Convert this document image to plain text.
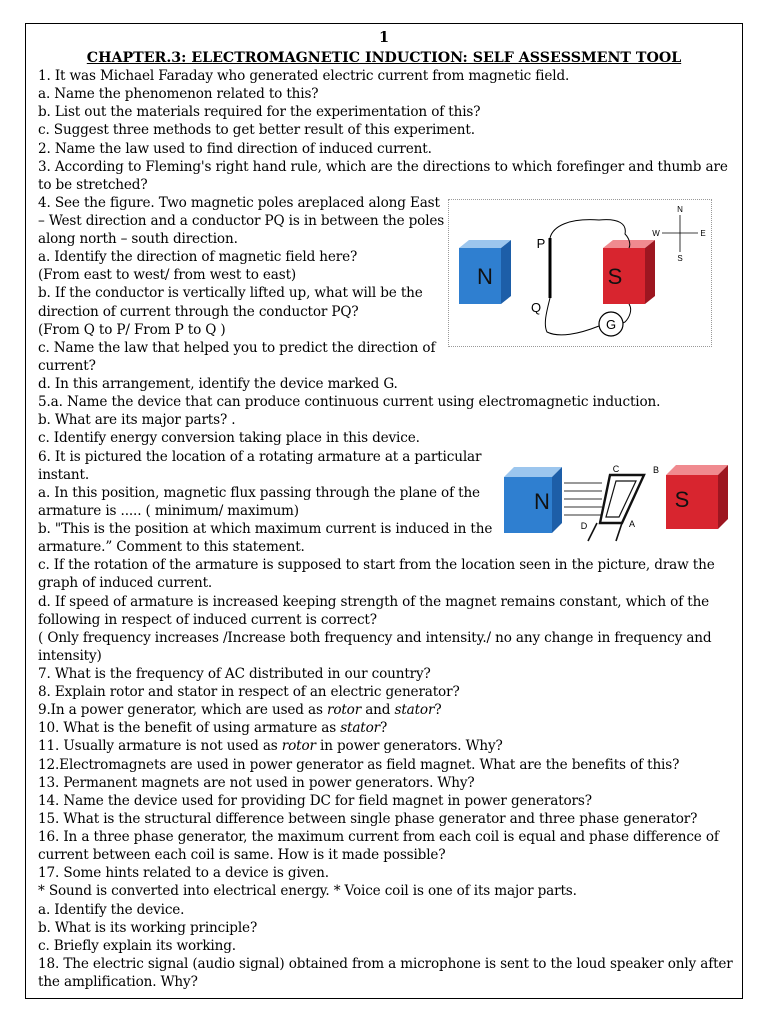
1
CHAPTER.3: ELECTROMAGNETIC INDUCTION: SELF ASSESSMENT TOOL
1. It was Michael Faraday who generated electric current from magnetic field.
a. Name the phenomenon related to this?
b. List out the materials required for the experimentation of this?
c. Suggest three methods to get better result of this experiment.
2. Name the law used to find direction of induced current.
3. According to Fleming's right hand rule, which are the directions to which forefinger and thumb are
to be stretched?
4. See the figure. Two magnetic poles areplaced along East
– West direction and a conductor PQ is in between the poles
along north – south direction.
a. Identify the direction of magnetic field here?
(From east to west/ from west to east)
b. If the conductor is vertically lifted up, what will be the
direction of current through the conductor PQ?
(From Q to P/ From P to Q )
c. Name the law that helped you to predict the direction of
current?
d. In this arrangement, identify the device marked G.
5.a. Name the device that can produce continuous current using electromagnetic induction.
b. What are its major parts? .
c. Identify energy conversion taking place in this device.
6. It is pictured the location of a rotating armature at a particular
instant.
a. In this position, magnetic flux passing through the plane of the
armature is ..... ( minimum/ maximum)
b. "This is the position at which maximum current is induced in the
armature.” Comment to this statement.
c. If the rotation of the armature is supposed to start from the location seen in the picture, draw the
graph of induced current.
d. If speed of armature is increased keeping strength of the magnet remains constant, which of the
following in respect of induced current is correct?
( Only frequency increases /Increase both frequency and intensity./ no any change in frequency and
intensity)
7. What is the frequency of AC distributed in our country?
8. Explain rotor and stator in respect of an electric generator?
9.In a power generator, which are used as rotor and stator?
10. What is the benefit of using armature as stator?
11. Usually armature is not used as rotor in power generators. Why?
12.Electromagnets are used in power generator as field magnet. What are the benefits of this?
13. Permanent magnets are not used in power generators. Why?
14. Name the device used for providing DC for field magnet in power generators?
15. What is the structural difference between single phase generator and three phase generator?
16. In a three phase generator, the maximum current from each coil is equal and phase difference of
current between each coil is same. How is it made possible?
17. Some hints related to a device is given.
* Sound is converted into electrical energy. * Voice coil is one of its major parts.
a. Identify the device.
b. What is its working principle?
c. Briefly explain its working.
18. The electric signal (audio signal) obtained from a microphone is sent to the loud speaker only after
the amplification. Why?
N	S
P
Q
G
N
S
E
W
N
C	B
A
D
S
